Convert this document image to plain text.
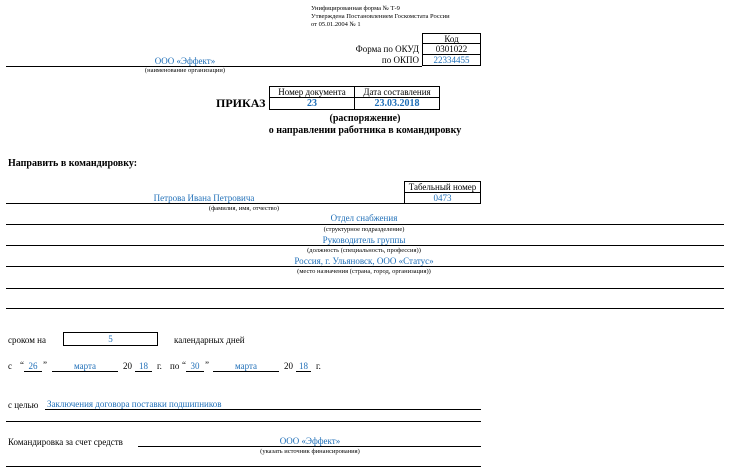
Унифицированная форма № Т-9
Утверждена Постановлением Госкомстата России
от 05.01.2004 № 1
Код
Форма по ОКУД	0301022
по ОКПО	22334455
ООО «Эффект»
(наименование организации)
Номер документа	Дата составления
ПРИКАЗ	23	23.03.2018
(распоряжение)
о направлении работника в командировку
Направить в командировку:
Табельный номер
0473
Петрова Ивана Петровича
(фамилия, имя, отчество)
Отдел снабжения
(структурное подразделение)
Руководитель группы
(должность (специальность, профессия))
Россия, г. Ульяновск, ООО «Статус»
(место назначения (страна, город, организация))
сроком на	5	календарных дней
с “ 26 ”	марта	20 18	г. по “ 30 ”	марта	20 18 г.
с целью Заключения договора поставки подшипников
Командировка за счет средств	ООО «Эффект»
(указать источник финансирования)
